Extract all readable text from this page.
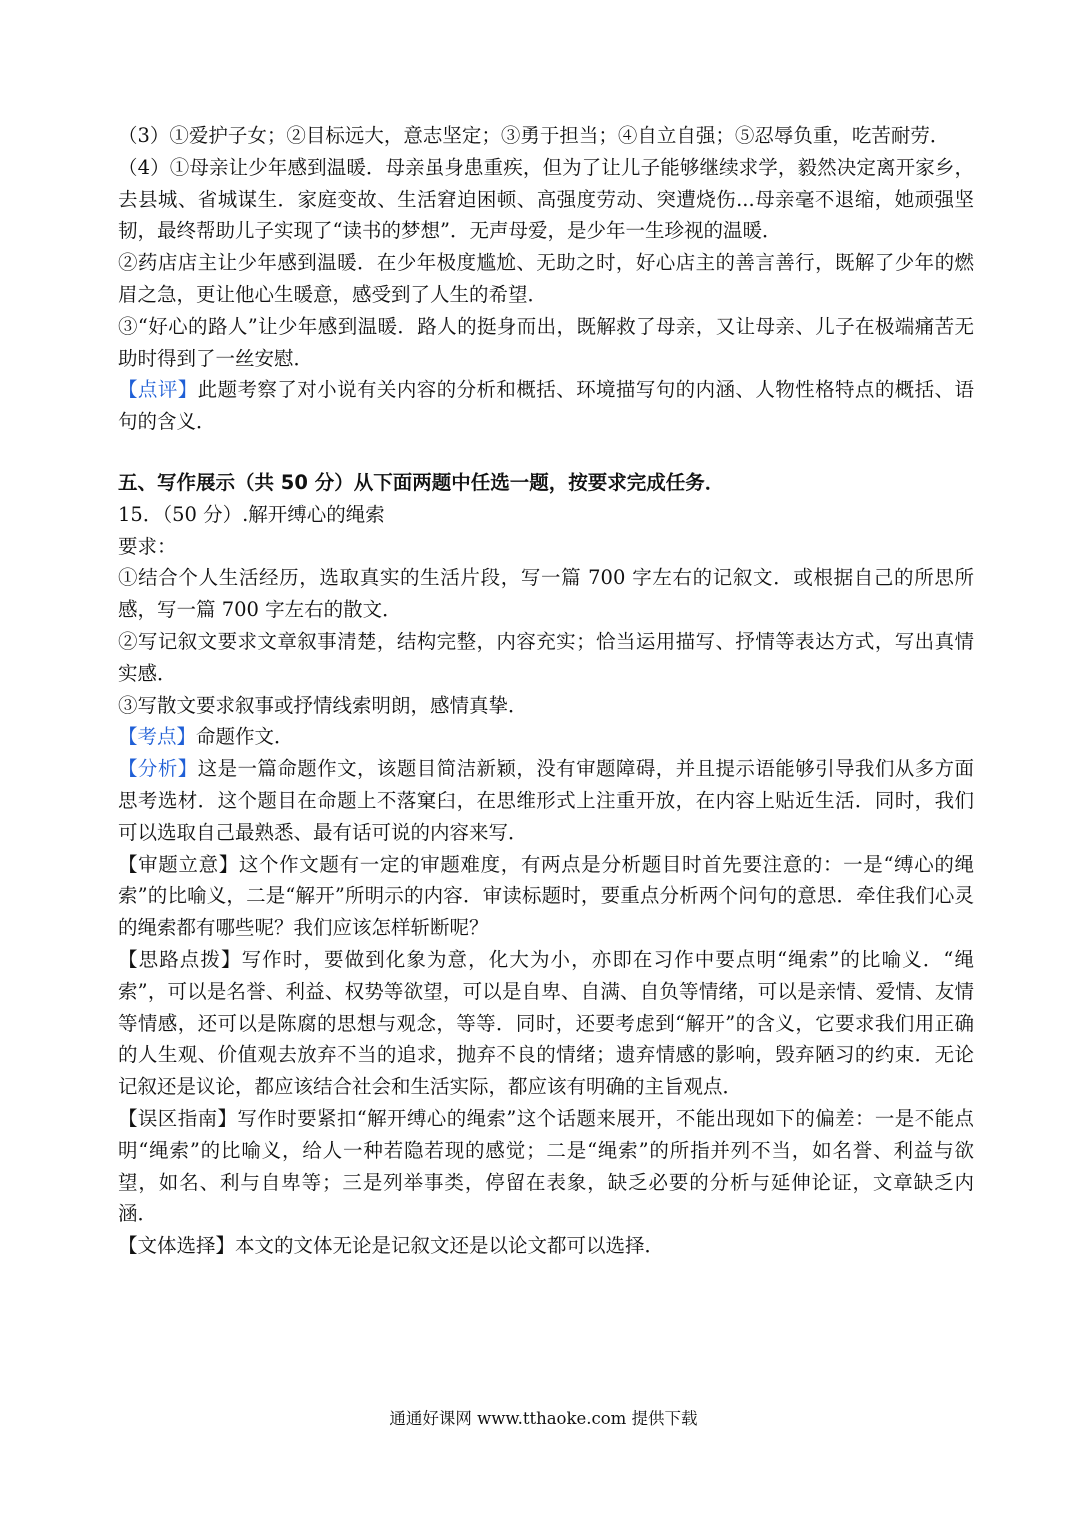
（3）①爱护子女；②目标远大，意志坚定；③勇于担当；④自立自强；⑤忍辱负重，吃苦耐劳．

（4）①母亲让少年感到温暖．母亲虽身患重疾，但为了让儿子能够继续求学，毅然决定离开家乡，去县城、省城谋生．家庭变故、生活窘迫困顿、高强度劳动、突遭烧伤...母亲毫不退缩，她顽强坚韧，最终帮助儿子实现了“读书的梦想”．无声母爱，是少年一生珍视的温暖．

②药店店主让少年感到温暖．在少年极度尴尬、无助之时，好心店主的善言善行，既解了少年的燃眉之急，更让他心生暖意，感受到了人生的希望．

③“好心的路人”让少年感到温暖．路人的挺身而出，既解救了母亲，又让母亲、儿子在极端痛苦无助时得到了一丝安慰．

【点评】此题考察了对小说有关内容的分析和概括、环境描写句的内涵、人物性格特点的概括、语句的含义．

五、写作展示（共 50 分）从下面两题中任选一题，按要求完成任务．

15．（50 分）.解开缚心的绳索

要求：

①结合个人生活经历，选取真实的生活片段，写一篇 700 字左右的记叙文．或根据自己的所思所感，写一篇 700 字左右的散文．

②写记叙文要求文章叙事清楚，结构完整，内容充实；恰当运用描写、抒情等表达方式，写出真情实感．

③写散文要求叙事或抒情线索明朗，感情真挚．

【考点】命题作文．

【分析】这是一篇命题作文，该题目简洁新颖，没有审题障碍，并且提示语能够引导我们从多方面思考选材．这个题目在命题上不落窠臼，在思维形式上注重开放，在内容上贴近生活．同时，我们可以选取自己最熟悉、最有话可说的内容来写．

【审题立意】这个作文题有一定的审题难度，有两点是分析题目时首先要注意的：一是“缚心的绳索”的比喻义，二是“解开”所明示的内容．审读标题时，要重点分析两个问句的意思．牵住我们心灵的绳索都有哪些呢？我们应该怎样斩断呢？

【思路点拨】写作时，要做到化象为意，化大为小，亦即在习作中要点明“绳索”的比喻义．“绳索”，可以是名誉、利益、权势等欲望，可以是自卑、自满、自负等情绪，可以是亲情、爱情、友情等情感，还可以是陈腐的思想与观念，等等．同时，还要考虑到“解开”的含义，它要求我们用正确的人生观、价值观去放弃不当的追求，抛弃不良的情绪；遗弃情感的影响，毁弃陋习的约束．无论记叙还是议论，都应该结合社会和生活实际，都应该有明确的主旨观点．

【误区指南】写作时要紧扣“解开缚心的绳索”这个话题来展开，不能出现如下的偏差：一是不能点明“绳索”的比喻义，给人一种若隐若现的感觉；二是“绳索”的所指并列不当，如名誉、利益与欲望，如名、利与自卑等；三是列举事类，停留在表象，缺乏必要的分析与延伸论证，文章缺乏内涵．

【文体选择】本文的文体无论是记叙文还是以论文都可以选择．

通通好课网 www.tthaoke.com 提供下载
